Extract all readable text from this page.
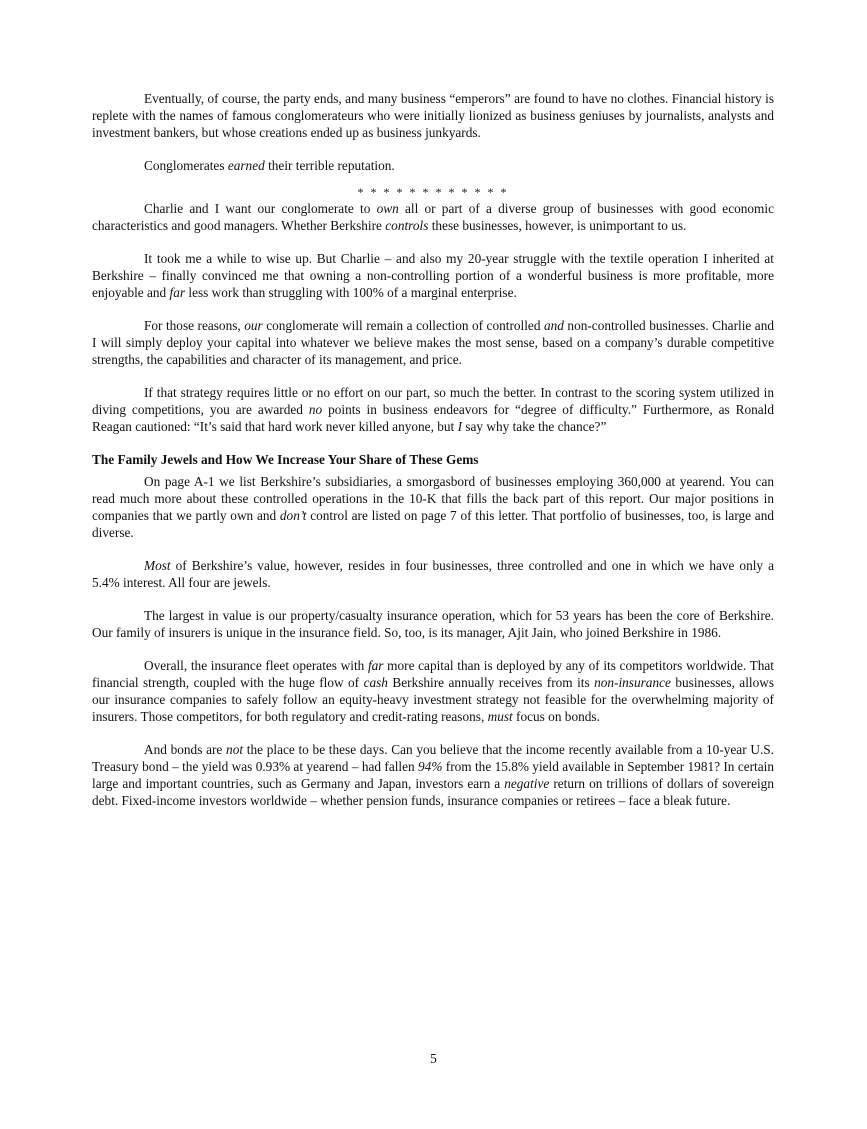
Eventually, of course, the party ends, and many business “emperors” are found to have no clothes. Financial history is replete with the names of famous conglomerateurs who were initially lionized as business geniuses by journalists, analysts and investment bankers, but whose creations ended up as business junkyards.

Conglomerates earned their terrible reputation.

* * * * * * * * * * * *

Charlie and I want our conglomerate to own all or part of a diverse group of businesses with good economic characteristics and good managers. Whether Berkshire controls these businesses, however, is unimportant to us.

It took me a while to wise up. But Charlie – and also my 20-year struggle with the textile operation I inherited at Berkshire – finally convinced me that owning a non-controlling portion of a wonderful business is more profitable, more enjoyable and far less work than struggling with 100% of a marginal enterprise.

For those reasons, our conglomerate will remain a collection of controlled and non-controlled businesses. Charlie and I will simply deploy your capital into whatever we believe makes the most sense, based on a company’s durable competitive strengths, the capabilities and character of its management, and price.

If that strategy requires little or no effort on our part, so much the better. In contrast to the scoring system utilized in diving competitions, you are awarded no points in business endeavors for “degree of difficulty.” Furthermore, as Ronald Reagan cautioned: “It’s said that hard work never killed anyone, but I say why take the chance?”

The Family Jewels and How We Increase Your Share of These Gems

On page A-1 we list Berkshire’s subsidiaries, a smorgasbord of businesses employing 360,000 at yearend. You can read much more about these controlled operations in the 10-K that fills the back part of this report. Our major positions in companies that we partly own and don’t control are listed on page 7 of this letter. That portfolio of businesses, too, is large and diverse.

Most of Berkshire’s value, however, resides in four businesses, three controlled and one in which we have only a 5.4% interest. All four are jewels.

The largest in value is our property/casualty insurance operation, which for 53 years has been the core of Berkshire. Our family of insurers is unique in the insurance field. So, too, is its manager, Ajit Jain, who joined Berkshire in 1986.

Overall, the insurance fleet operates with far more capital than is deployed by any of its competitors worldwide. That financial strength, coupled with the huge flow of cash Berkshire annually receives from its non-insurance businesses, allows our insurance companies to safely follow an equity-heavy investment strategy not feasible for the overwhelming majority of insurers. Those competitors, for both regulatory and credit-rating reasons, must focus on bonds.

And bonds are not the place to be these days. Can you believe that the income recently available from a 10-year U.S. Treasury bond – the yield was 0.93% at yearend – had fallen 94% from the 15.8% yield available in September 1981? In certain large and important countries, such as Germany and Japan, investors earn a negative return on trillions of dollars of sovereign debt. Fixed-income investors worldwide – whether pension funds, insurance companies or retirees – face a bleak future.

5
